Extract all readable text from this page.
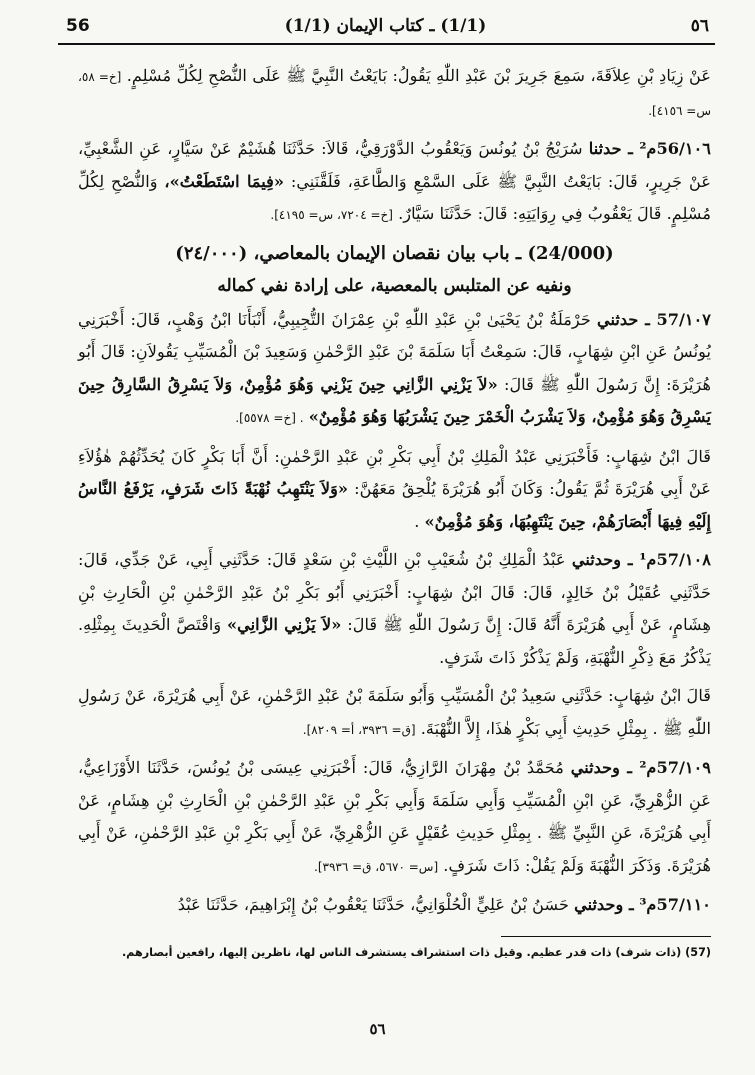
56	(1/1) ـ كتاب الإيمان (1/1)	٥٦

عَنْ زِيَادِ بْنِ عِلاَقَةَ، سَمِعَ جَرِيرَ بْنَ عَبْدِ اللّٰهِ يَقُولُ: بَايَعْتُ النَّبِيَّ ﷺ عَلَى النُّصْحِ لِكُلِّ مُسْلِمٍ. [خ= ٥٨، س= ٤١٥٦].

١٠٦/56م² ـ حدثنا سُرَيْجُ بْنُ يُونُسَ وَيَعْقُوبُ الدَّوْرَقِيُّ، قَالاَ: حَدَّثَنَا هُشَيْمٌ عَنْ سَيَّارٍ، عَنِ الشَّعْبِيِّ، عَنْ جَرِيرٍ، قَالَ: بَايَعْتُ النَّبِيَّ ﷺ عَلَى السَّمْعِ وَالطَّاعَةِ، فَلَقَّنَنِي: «فِيمَا اسْتَطَعْتُ»، وَالنُّصْحِ لِكُلِّ مُسْلِمٍ. قَالَ يَعْقُوبُ فِي رِوَايَتِهِ: قَالَ: حَدَّثَنَا سَيَّارٌ. [خ= ٧٢٠٤، س= ٤١٩٥].

(24/000) ـ باب بيان نقصان الإيمان بالمعاصي، (٢٤/٠٠٠)
ونفيه عن المتلبس بالمعصية، على إرادة نفي كماله

١٠٧/57 ـ حدثني حَرْمَلَةُ بْنُ يَحْيَىٰ بْنِ عَبْدِ اللّٰهِ بْنِ عِمْرَانَ التُّجِيبِيُّ، أَنْبَأَنَا ابْنُ وَهْبٍ، قَالَ: أَخْبَرَنِي يُونُسُ عَنِ ابْنِ شِهَابٍ، قَالَ: سَمِعْتُ أَبَا سَلَمَةَ بْنَ عَبْدِ الرَّحْمٰنِ وَسَعِيدَ بْنَ الْمُسَيِّبِ يَقُولاَنِ: قَالَ أَبُو هُرَيْرَةَ: إِنَّ رَسُولَ اللّٰهِ ﷺ قَالَ: «لاَ يَزْنِي الزَّانِي حِينَ يَزْنِي وَهُوَ مُؤْمِنٌ، وَلاَ يَسْرِقُ السَّارِقُ حِينَ يَسْرِقُ وَهُوَ مُؤْمِنٌ، وَلاَ يَشْرَبُ الْخَمْرَ حِينَ يَشْرَبُهَا وَهُوَ مُؤْمِنٌ» . [خ= ٥٥٧٨].

قَالَ ابْنُ شِهَابٍ: فَأَخْبَرَنِي عَبْدُ الْمَلِكِ بْنُ أَبِي بَكْرِ بْنِ عَبْدِ الرَّحْمٰنِ: أَنَّ أَبَا بَكْرٍ كَانَ يُحَدِّثُهُمْ هٰؤُلاَءِ عَنْ أَبِي هُرَيْرَةَ ثُمَّ يَقُولُ: وَكَانَ أَبُو هُرَيْرَةَ يُلْحِقُ مَعَهُنَّ: «وَلاَ يَنْتَهِبُ نُهْبَةً ذَاتَ شَرَفٍ، يَرْفَعُ النَّاسُ إِلَيْهِ فِيهَا أَبْصَارَهُمْ، حِينَ يَنْتَهِبُهَا، وَهُوَ مُؤْمِنٌ» .

١٠٨/57م¹ ـ وحدثني عَبْدُ الْمَلِكِ بْنُ شُعَيْبِ بْنِ اللَّيْثِ بْنِ سَعْدٍ قَالَ: حَدَّثَنِي أَبِي، عَنْ جَدِّي، قَالَ: حَدَّثَنِي عُقَيْلُ بْنُ خَالِدٍ، قَالَ: قَالَ ابْنُ شِهَابٍ: أَخْبَرَنِي أَبُو بَكْرِ بْنُ عَبْدِ الرَّحْمٰنِ بْنِ الْحَارِثِ بْنِ هِشَامٍ، عَنْ أَبِي هُرَيْرَةَ أَنَّهُ قَالَ: إِنَّ رَسُولَ اللّٰهِ ﷺ قَالَ: «لاَ يَزْنِي الزَّانِي» وَاقْتَصَّ الْحَدِيثَ بِمِثْلِهِ. يَذْكُرُ مَعَ ذِكْرِ النُّهْبَةِ، وَلَمْ يَذْكُرْ ذَاتَ شَرَفٍ.

قَالَ ابْنُ شِهَابٍ: حَدَّثَنِي سَعِيدُ بْنُ الْمُسَيِّبِ وَأَبُو سَلَمَةَ بْنُ عَبْدِ الرَّحْمٰنِ، عَنْ أَبِي هُرَيْرَةَ، عَنْ رَسُولِ اللّٰهِ ﷺ . بِمِثْلِ حَدِيثِ أَبِي بَكْرٍ هٰذَا، إِلاَّ النُّهْبَةَ. [ق= ٣٩٣٦، أ= ٨٢٠٩].

١٠٩/57م² ـ وحدثني مُحَمَّدُ بْنُ مِهْرَانَ الرَّازِيُّ، قَالَ: أَخْبَرَنِي عِيسَى بْنُ يُونُسَ، حَدَّثَنَا الأَوْزَاعِيُّ، عَنِ الزُّهْرِيِّ، عَنِ ابْنِ الْمُسَيِّبِ وَأَبِي سَلَمَةَ وَأَبِي بَكْرِ بْنِ عَبْدِ الرَّحْمٰنِ بْنِ الْحَارِثِ بْنِ هِشَامٍ، عَنْ أَبِي هُرَيْرَةَ، عَنِ النَّبِيِّ ﷺ . بِمِثْلِ حَدِيثِ عُقَيْلٍ عَنِ الزُّهْرِيِّ، عَنْ أَبِي بَكْرِ بْنِ عَبْدِ الرَّحْمٰنِ، عَنْ أَبِي هُرَيْرَةَ. وَذَكَرَ النُّهْبَةَ وَلَمْ يَقُلْ: ذَاتَ شَرَفٍ. [س= ٥٦٧٠، ق= ٣٩٣٦].

١١٠/57م³ ـ وحدثني حَسَنُ بْنُ عَلِيٍّ الْحُلْوَانِيُّ، حَدَّثَنَا يَعْقُوبُ بْنُ إِبْرَاهِيمَ، حَدَّثَنَا عَبْدُ

(57) (ذات شرف) ذات قدر عظيم. وقيل ذات استشراف يستشرف الناس لها، ناظرين إليها، رافعين أبصارهم.
٥٦
